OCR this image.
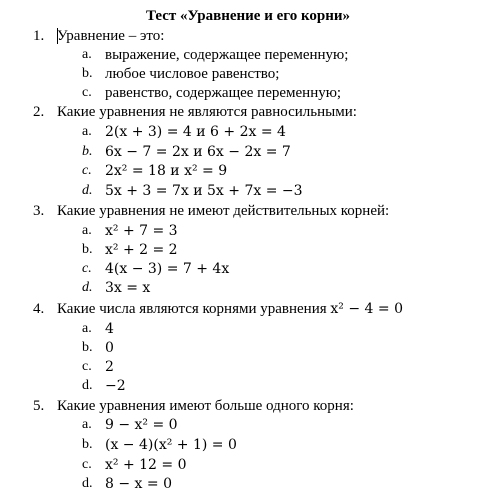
Тест «Уравнение и его корни»
1. Уравнение – это:
a. выражение, содержащее переменную;
b. любое числовое равенство;
c. равенство, содержащее переменную;
2. Какие уравнения не являются равносильными:
a. 2(x + 3) = 4 и 6 + 2x = 4
b. 6x − 7 = 2x и 6x − 2x = 7
c. 2x² = 18 и x² = 9
d. 5x + 3 = 7x и 5x + 7x = −3
3. Какие уравнения не имеют действительных корней:
a. x² + 7 = 3
b. x² + 2 = 2
c. 4(x − 3) = 7 + 4x
d. 3x = x
4. Какие числа являются корнями уравнения x² − 4 = 0
a. 4
b. 0
c. 2
d. −2
5. Какие уравнения имеют больше одного корня:
a. 9 − x² = 0
b. (x − 4)(x² + 1) = 0
c. x² + 12 = 0
d. 8 − x = 0
